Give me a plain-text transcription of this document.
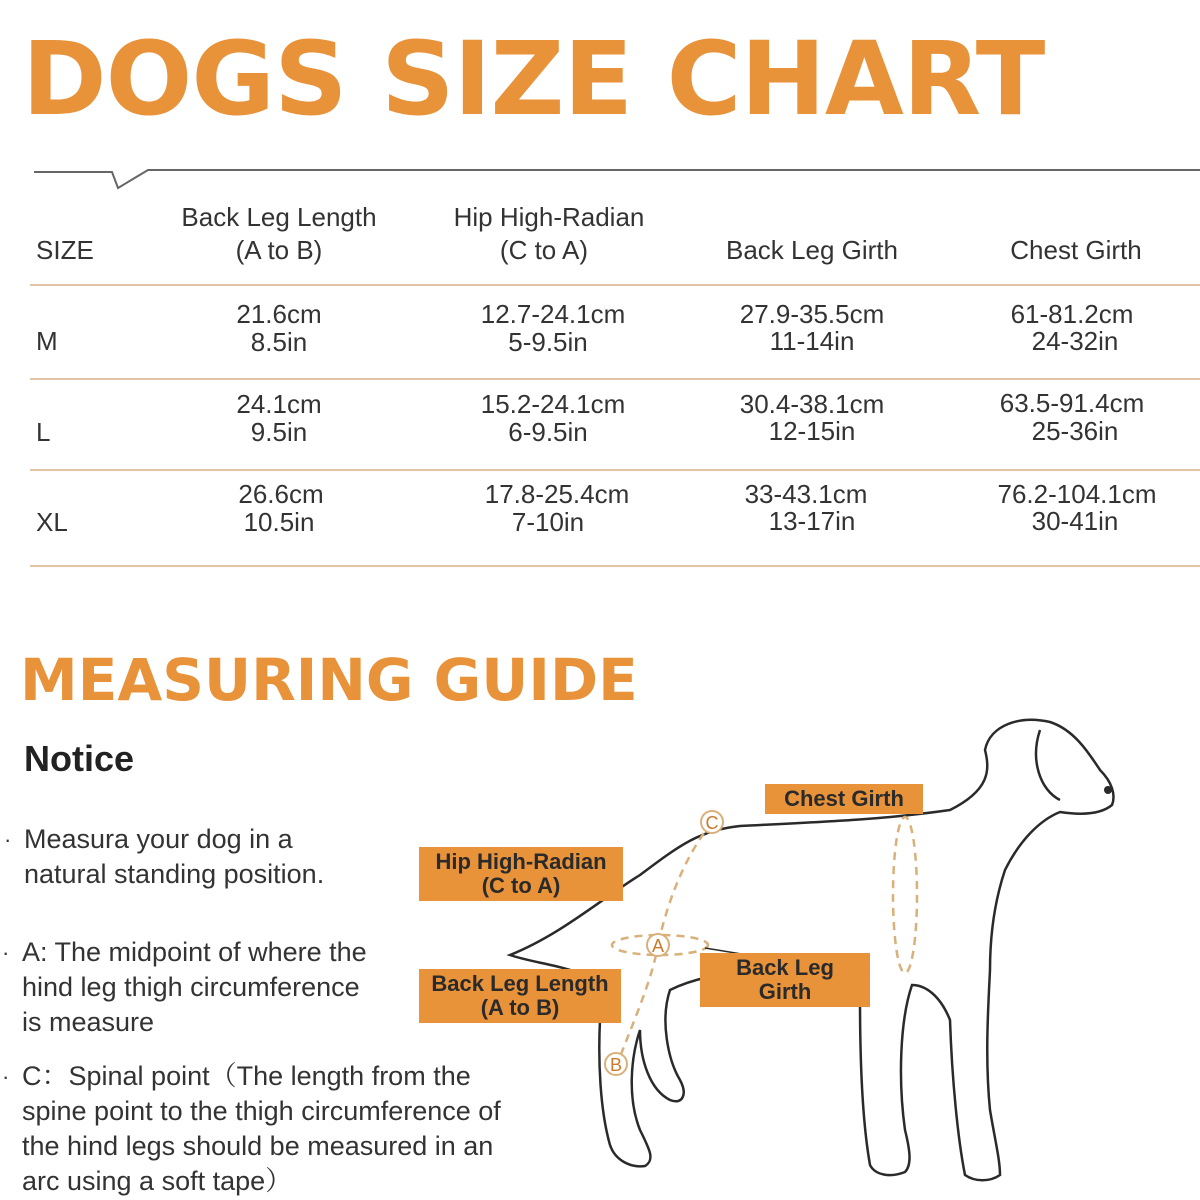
DOGS SIZE CHART
SIZE
Back Leg Length
(A to B)
Hip High-Radian
(C to A)	Back Leg Girth	Chest Girth
M
21.6cm
8.5in
12.7-24.1cm
5-9.5in
27.9-35.5cm
11-14in
61-81.2cm
24-32in
L
24.1cm
9.5in
15.2-24.1cm
6-9.5in
30.4-38.1cm
12-15in
63.5-91.4cm
25-36in
XL
26.6cm
10.5in
17.8-25.4cm
7-10in
33-43.1cm
13-17in
76.2-104.1cm
30-41in
MEASURING GUIDE
Notice
· Measura your dog in a
natural standing position.
· A: The midpoint of where the
hind leg thigh circumference
is measure
· C：Spinal point（The length from the
spine point to the thigh circumference of
the hind legs should be measured in an
arc using a soft tape）
C
A
B
Chest Girth
Hip High-Radian
(C to A)
Back Leg Length
(A to B)
Back Leg Girth
